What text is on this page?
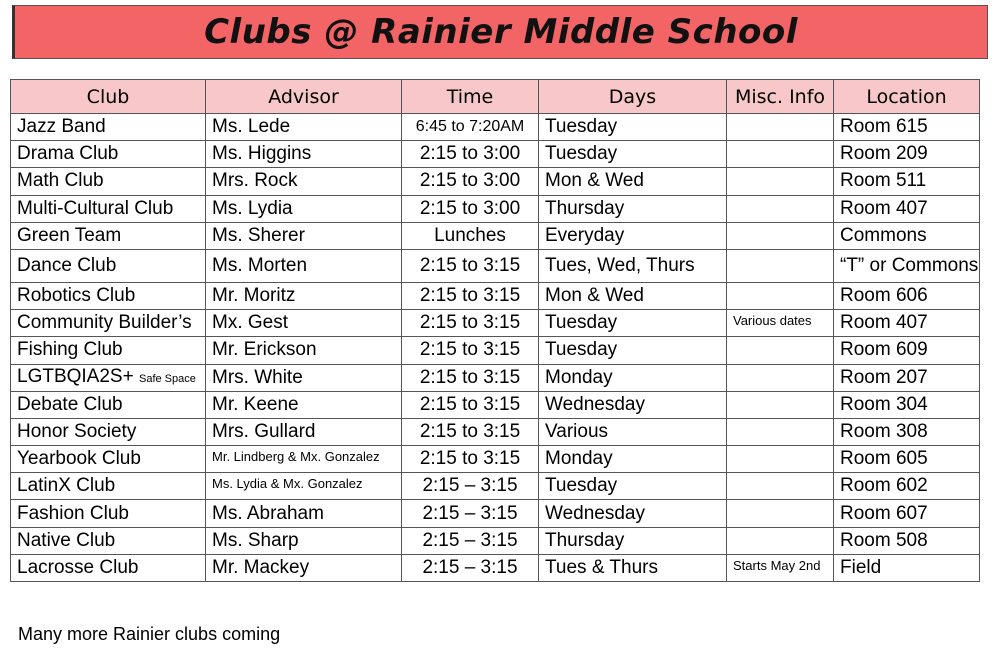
Clubs @ Rainier Middle School
Club	Advisor	Time	Days	Misc. Info	Location
Jazz Band	Ms. Lede	6:45 to 7:20AM	Tuesday		Room 615
Drama Club	Ms. Higgins	2:15 to 3:00	Tuesday		Room 209
Math Club	Mrs. Rock	2:15 to 3:00	Mon & Wed		Room 511
Multi-Cultural Club	Ms. Lydia	2:15 to 3:00	Thursday		Room 407
Green Team	Ms. Sherer	Lunches	Everyday		Commons
Dance Club	Ms. Morten	2:15 to 3:15	Tues, Wed, Thurs		“T” or Commons
Robotics Club	Mr. Moritz	2:15 to 3:15	Mon & Wed		Room 606
Community Builder’s	Mx. Gest	2:15 to 3:15	Tuesday	Various dates	Room 407
Fishing Club	Mr. Erickson	2:15 to 3:15	Tuesday		Room 609
LGTBQIA2S+ Safe Space	Mrs. White	2:15 to 3:15	Monday		Room 207
Debate Club	Mr. Keene	2:15 to 3:15	Wednesday		Room 304
Honor Society	Mrs. Gullard	2:15 to 3:15	Various		Room 308
Yearbook Club	Mr. Lindberg & Mx. Gonzalez	2:15 to 3:15	Monday		Room 605
LatinX Club	Ms. Lydia & Mx. Gonzalez	2:15 – 3:15	Tuesday		Room 602
Fashion Club	Ms. Abraham	2:15 – 3:15	Wednesday		Room 607
Native Club	Ms. Sharp	2:15 – 3:15	Thursday		Room 508
Lacrosse Club	Mr. Mackey	2:15 – 3:15	Tues & Thurs	Starts May 2nd	Field
Many more Rainier clubs coming
